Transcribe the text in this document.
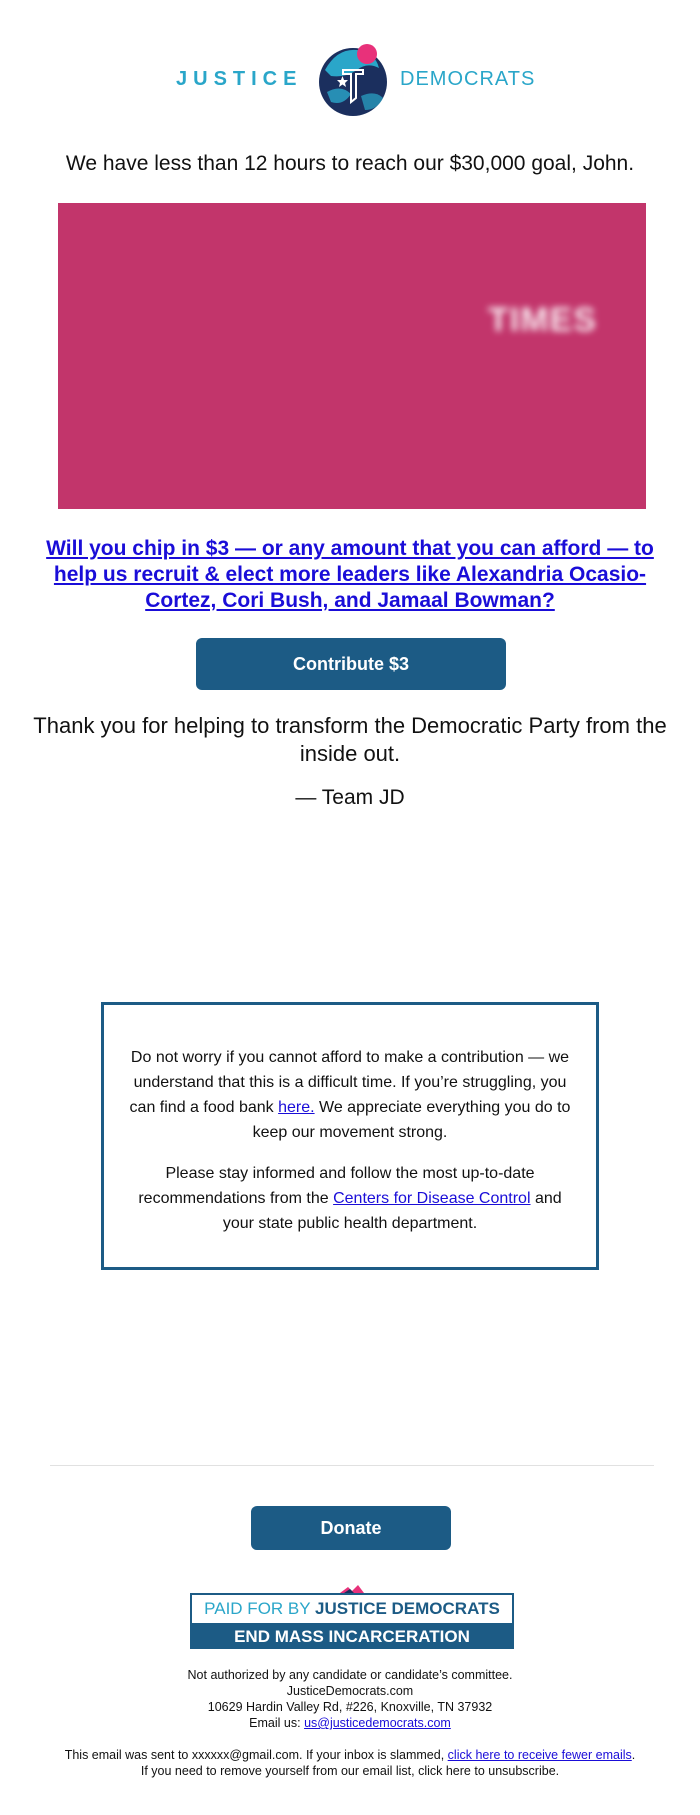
JUSTICE	DEMOCRATS
We have less than 12 hours to reach our $30,000 goal, John.
TIMES
Will you chip in $3 — or any amount that you can afford — to help us recruit & elect more leaders like Alexandria Ocasio-Cortez, Cori Bush, and Jamaal Bowman?
Contribute $3
Thank you for helping to transform the Democratic Party from the inside out.
— Team JD

Do not worry if you cannot afford to make a contribution — we understand that this is a difficult time. If you’re struggling, you can find a food bank here. We appreciate everything you do to keep our movement strong.

Please stay informed and follow the most up-to-date recommendations from the Centers for Disease Control and your state public health department.

Donate
PAID FOR BY JUSTICE DEMOCRATS
END MASS INCARCERATION
Not authorized by any candidate or candidate’s committee.
JusticeDemocrats.com
10629 Hardin Valley Rd, #226, Knoxville, TN 37932
Email us: us@justicedemocrats.com
This email was sent to xxxxxx@gmail.com. If your inbox is slammed, click here to receive fewer emails.
If you need to remove yourself from our email list, click here to unsubscribe.
